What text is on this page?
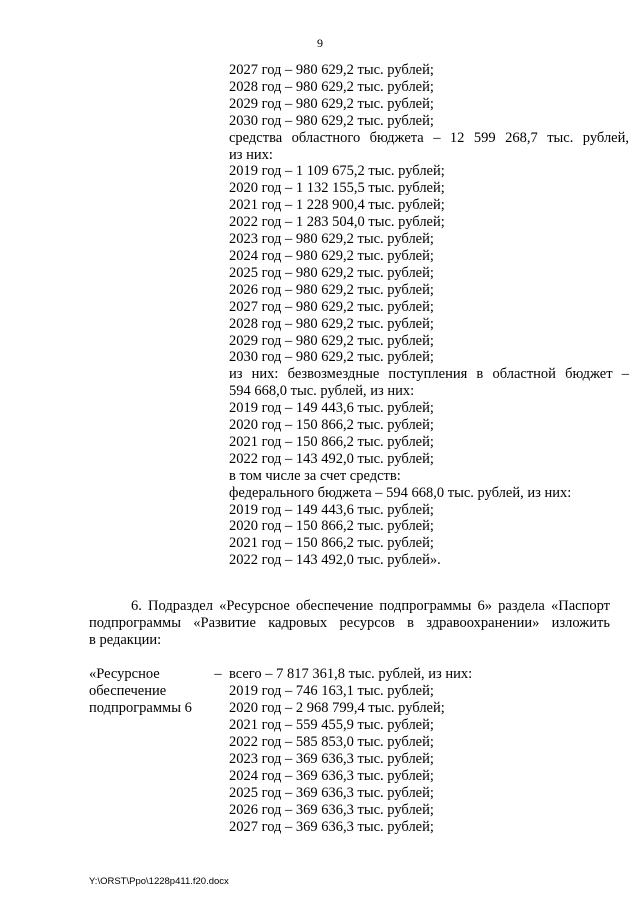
9
2027 год – 980 629,2 тыс. рублей;
2028 год – 980 629,2 тыс. рублей;
2029 год – 980 629,2 тыс. рублей;
2030 год – 980 629,2 тыс. рублей;
средства областного бюджета – 12 599 268,7 тыс. рублей,
из них:
2019 год – 1 109 675,2 тыс. рублей;
2020 год – 1 132 155,5 тыс. рублей;
2021 год – 1 228 900,4 тыс. рублей;
2022 год – 1 283 504,0 тыс. рублей;
2023 год – 980 629,2 тыс. рублей;
2024 год – 980 629,2 тыс. рублей;
2025 год – 980 629,2 тыс. рублей;
2026 год – 980 629,2 тыс. рублей;
2027 год – 980 629,2 тыс. рублей;
2028 год – 980 629,2 тыс. рублей;
2029 год – 980 629,2 тыс. рублей;
2030 год – 980 629,2 тыс. рублей;
из них: безвозмездные поступления в областной бюджет –
594 668,0 тыс. рублей, из них:
2019 год – 149 443,6 тыс. рублей;
2020 год – 150 866,2 тыс. рублей;
2021 год – 150 866,2 тыс. рублей;
2022 год – 143 492,0 тыс. рублей;
в том числе за счет средств:
федерального бюджета – 594 668,0 тыс. рублей, из них:
2019 год – 149 443,6 тыс. рублей;
2020 год – 150 866,2 тыс. рублей;
2021 год – 150 866,2 тыс. рублей;
2022 год – 143 492,0 тыс. рублей».
6. Подраздел «Ресурсное обеспечение подпрограммы 6» раздела «Паспорт
подпрограммы «Развитие кадровых ресурсов в здравоохранении» изложить
в редакции:
«Ресурсное
обеспечение
подпрограммы 6
– всего – 7 817 361,8 тыс. рублей, из них:
2019 год – 746 163,1 тыс. рублей;
2020 год – 2 968 799,4 тыс. рублей;
2021 год – 559 455,9 тыс. рублей;
2022 год – 585 853,0 тыс. рублей;
2023 год – 369 636,3 тыс. рублей;
2024 год – 369 636,3 тыс. рублей;
2025 год – 369 636,3 тыс. рублей;
2026 год – 369 636,3 тыс. рублей;
2027 год – 369 636,3 тыс. рублей;
Y:\ORST\Ppo\1228p411.f20.docx
